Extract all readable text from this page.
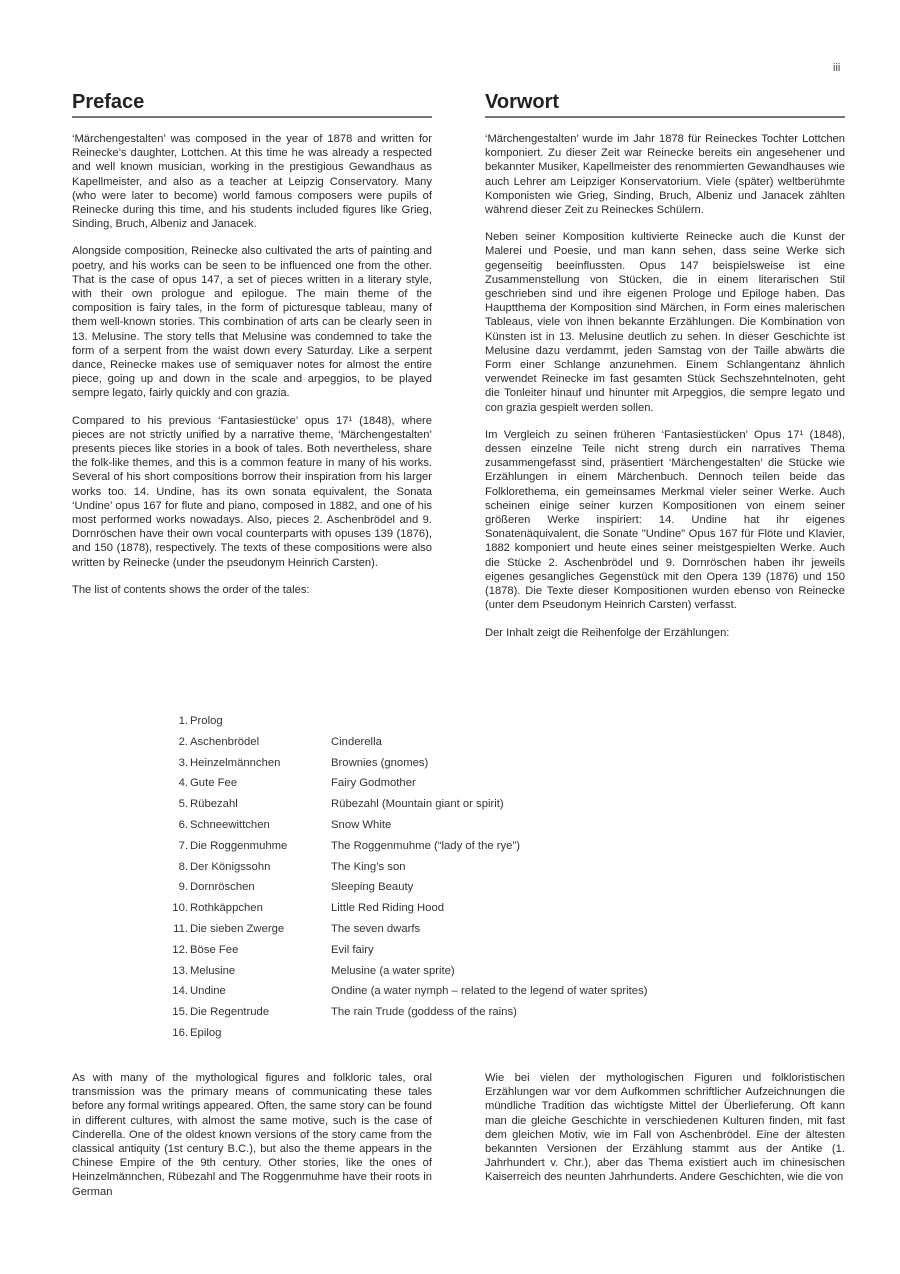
iii
Preface

‘Märchengestalten’ was composed in the year of 1878 and written for Reinecke’s daughter, Lottchen. At this time he was already a respected and well known musician, working in the prestigious Gewandhaus as Kapellmeister, and also as a teacher at Leipzig Conservatory. Many (who were later to become) world famous composers were pupils of Reinecke during this time, and his students included figures like Grieg, Sinding, Bruch, Albeniz and Janacek.

Alongside composition, Reinecke also cultivated the arts of painting and poetry, and his works can be seen to be influenced one from the other. That is the case of opus 147, a set of pieces written in a literary style, with their own prologue and epilogue. The main theme of the composition is fairy tales, in the form of picturesque tableau, many of them well-known stories. This combination of arts can be clearly seen in 13. Melusine. The story tells that Melusine was condemned to take the form of a serpent from the waist down every Saturday. Like a serpent dance, Reinecke makes use of semiquaver notes for almost the entire piece, going up and down in the scale and arpeggios, to be played sempre legato, fairly quickly and con grazia.

Compared to his previous ‘Fantasiestücke’ opus 17¹ (1848), where pieces are not strictly unified by a narrative theme, ‘Märchengestalten’ presents pieces like stories in a book of tales. Both nevertheless, share the folk-like themes, and this is a common feature in many of his works. Several of his short compositions borrow their inspiration from his larger works too. 14. Undine, has its own sonata equivalent, the Sonata ‘Undine’ opus 167 for flute and piano, composed in 1882, and one of his most performed works nowadays. Also, pieces 2. Aschenbrödel and 9. Dornröschen have their own vocal counterparts with opuses 139 (1876), and 150 (1878), respectively. The texts of these compositions were also written by Reinecke (under the pseudonym Heinrich Carsten).

The list of contents shows the order of the tales:

Vorwort

‘Märchengestalten’ wurde im Jahr 1878 für Reineckes Tochter Lottchen komponiert. Zu dieser Zeit war Reinecke bereits ein angesehener und bekannter Musiker, Kapellmeister des renommierten Gewandhauses wie auch Lehrer am Leipziger Konservatorium. Viele (später) weltberühmte Komponisten wie Grieg, Sinding, Bruch, Albeniz und Janacek zählten während dieser Zeit zu Reineckes Schülern.

Neben seiner Komposition kultivierte Reinecke auch die Kunst der Malerei und Poesie, und man kann sehen, dass seine Werke sich gegenseitig beeinflussten. Opus 147 beispielsweise ist eine Zusammenstellung von Stücken, die in einem literarischen Stil geschrieben sind und ihre eigenen Prologe und Epiloge haben. Das Hauptthema der Komposition sind Märchen, in Form eines malerischen Tableaus, viele von ihnen bekannte Erzählungen. Die Kombination von Künsten ist in 13. Melusine deutlich zu sehen. In dieser Geschichte ist Melusine dazu verdammt, jeden Samstag von der Taille abwärts die Form einer Schlange anzunehmen. Einem Schlangentanz ähnlich verwendet Reinecke im fast gesamten Stück Sechszehntelnoten, geht die Tonleiter hinauf und hinunter mit Arpeggios, die sempre legato und con grazia gespielt werden sollen.

Im Vergleich zu seinen früheren ‘Fantasiestücken’ Opus 17¹ (1848), dessen einzelne Teile nicht streng durch ein narratives Thema zusammengefasst sind, präsentiert ‘Märchengestalten’ die Stücke wie Erzählungen in einem Märchenbuch. Dennoch teilen beide das Folklorethema, ein gemeinsames Merkmal vieler seiner Werke. Auch scheinen einige seiner kurzen Kompositionen von einem seiner größeren Werke inspiriert: 14. Undine hat ihr eigenes Sonatenäquivalent, die Sonate "Undine" Opus 167 für Flöte und Klavier, 1882 komponiert und heute eines seiner meistgespielten Werke. Auch die Stücke 2. Aschenbrödel und 9. Dornröschen haben ihr jeweils eigenes gesangliches Gegenstück mit den Opera 139 (1876) und 150 (1878). Die Texte dieser Kompositionen wurden ebenso von Reinecke (unter dem Pseudonym Heinrich Carsten) verfasst.

Der Inhalt zeigt die Reihenfolge der Erzählungen:

1. Prolog
2. Aschenbrödel	Cinderella
3. Heinzelmännchen	Brownies (gnomes)
4. Gute Fee	Fairy Godmother
5. Rübezahl	Rübezahl (Mountain giant or spirit)
6. Schneewittchen	Snow White
7. Die Roggenmuhme	The Roggenmuhme (“lady of the rye”)
8. Der Königssohn	The King’s son
9. Dornröschen	Sleeping Beauty
10. Rothkäppchen	Little Red Riding Hood
11. Die sieben Zwerge	The seven dwarfs
12. Böse Fee	Evil fairy
13. Melusine	Melusine (a water sprite)
14. Undine	Ondine (a water nymph – related to the legend of water sprites)
15. Die Regentrude	The rain Trude (goddess of the rains)
16. Epilog

As with many of the mythological figures and folkloric tales, oral transmission was the primary means of communicating these tales before any formal writings appeared. Often, the same story can be found in different cultures, with almost the same motive, such is the case of Cinderella. One of the oldest known versions of the story came from the classical antiquity (1st century B.C.), but also the theme appears in the Chinese Empire of the 9th century. Other stories, like the ones of Heinzelmännchen, Rübezahl and The Roggenmuhme have their roots in German

Wie bei vielen der mythologischen Figuren und folkloristischen Erzählungen war vor dem Aufkommen schriftlicher Aufzeichnungen die mündliche Tradition das wichtigste Mittel der Überlieferung. Oft kann man die gleiche Geschichte in verschiedenen Kulturen finden, mit fast dem gleichen Motiv, wie im Fall von Aschenbrödel. Eine der ältesten bekannten Versionen der Erzählung stammt aus der Antike (1. Jahrhundert v. Chr.), aber das Thema existiert auch im chinesischen Kaiserreich des neunten Jahrhunderts. Andere Geschichten, wie die von
